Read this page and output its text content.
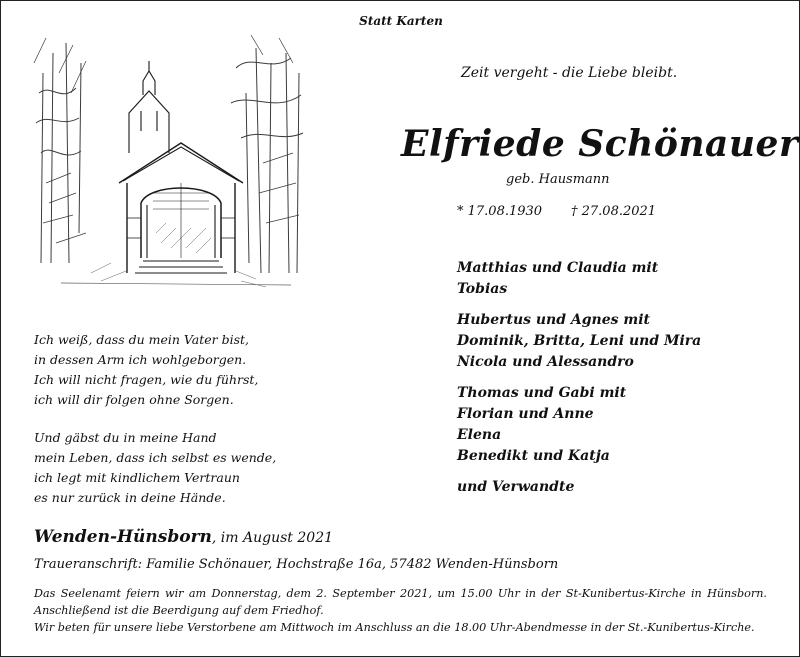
Statt Karten
Zeit vergeht - die Liebe bleibt.
Elfriede Schönauer
geb. Hausmann
* 17.08.1930 † 27.08.2021
Matthias und Claudia mit
Tobias
Hubertus und Agnes mit
Dominik, Britta, Leni und Mira
Nicola und Alessandro
Thomas und Gabi mit
Florian und Anne
Elena
Benedikt und Katja
und Verwandte
Ich weiß, dass du mein Vater bist,
in dessen Arm ich wohlgeborgen.
Ich will nicht fragen, wie du führst,
ich will dir folgen ohne Sorgen.
Und gäbst du in meine Hand
mein Leben, dass ich selbst es wende,
ich legt mit kindlichem Vertraun
es nur zurück in deine Hände.
Wenden-Hünsborn, im August 2021
Traueranschrift: Familie Schönauer, Hochstraße 16a, 57482 Wenden-Hünsborn
Das Seelenamt feiern wir am Donnerstag, dem 2. September 2021, um 15.00 Uhr in der St-Kunibertus-Kirche in Hünsborn.
Anschließend ist die Beerdigung auf dem Friedhof.
Wir beten für unsere liebe Verstorbene am Mittwoch im Anschluss an die 18.00 Uhr-Abendmesse in der St.-Kunibertus-Kirche.
